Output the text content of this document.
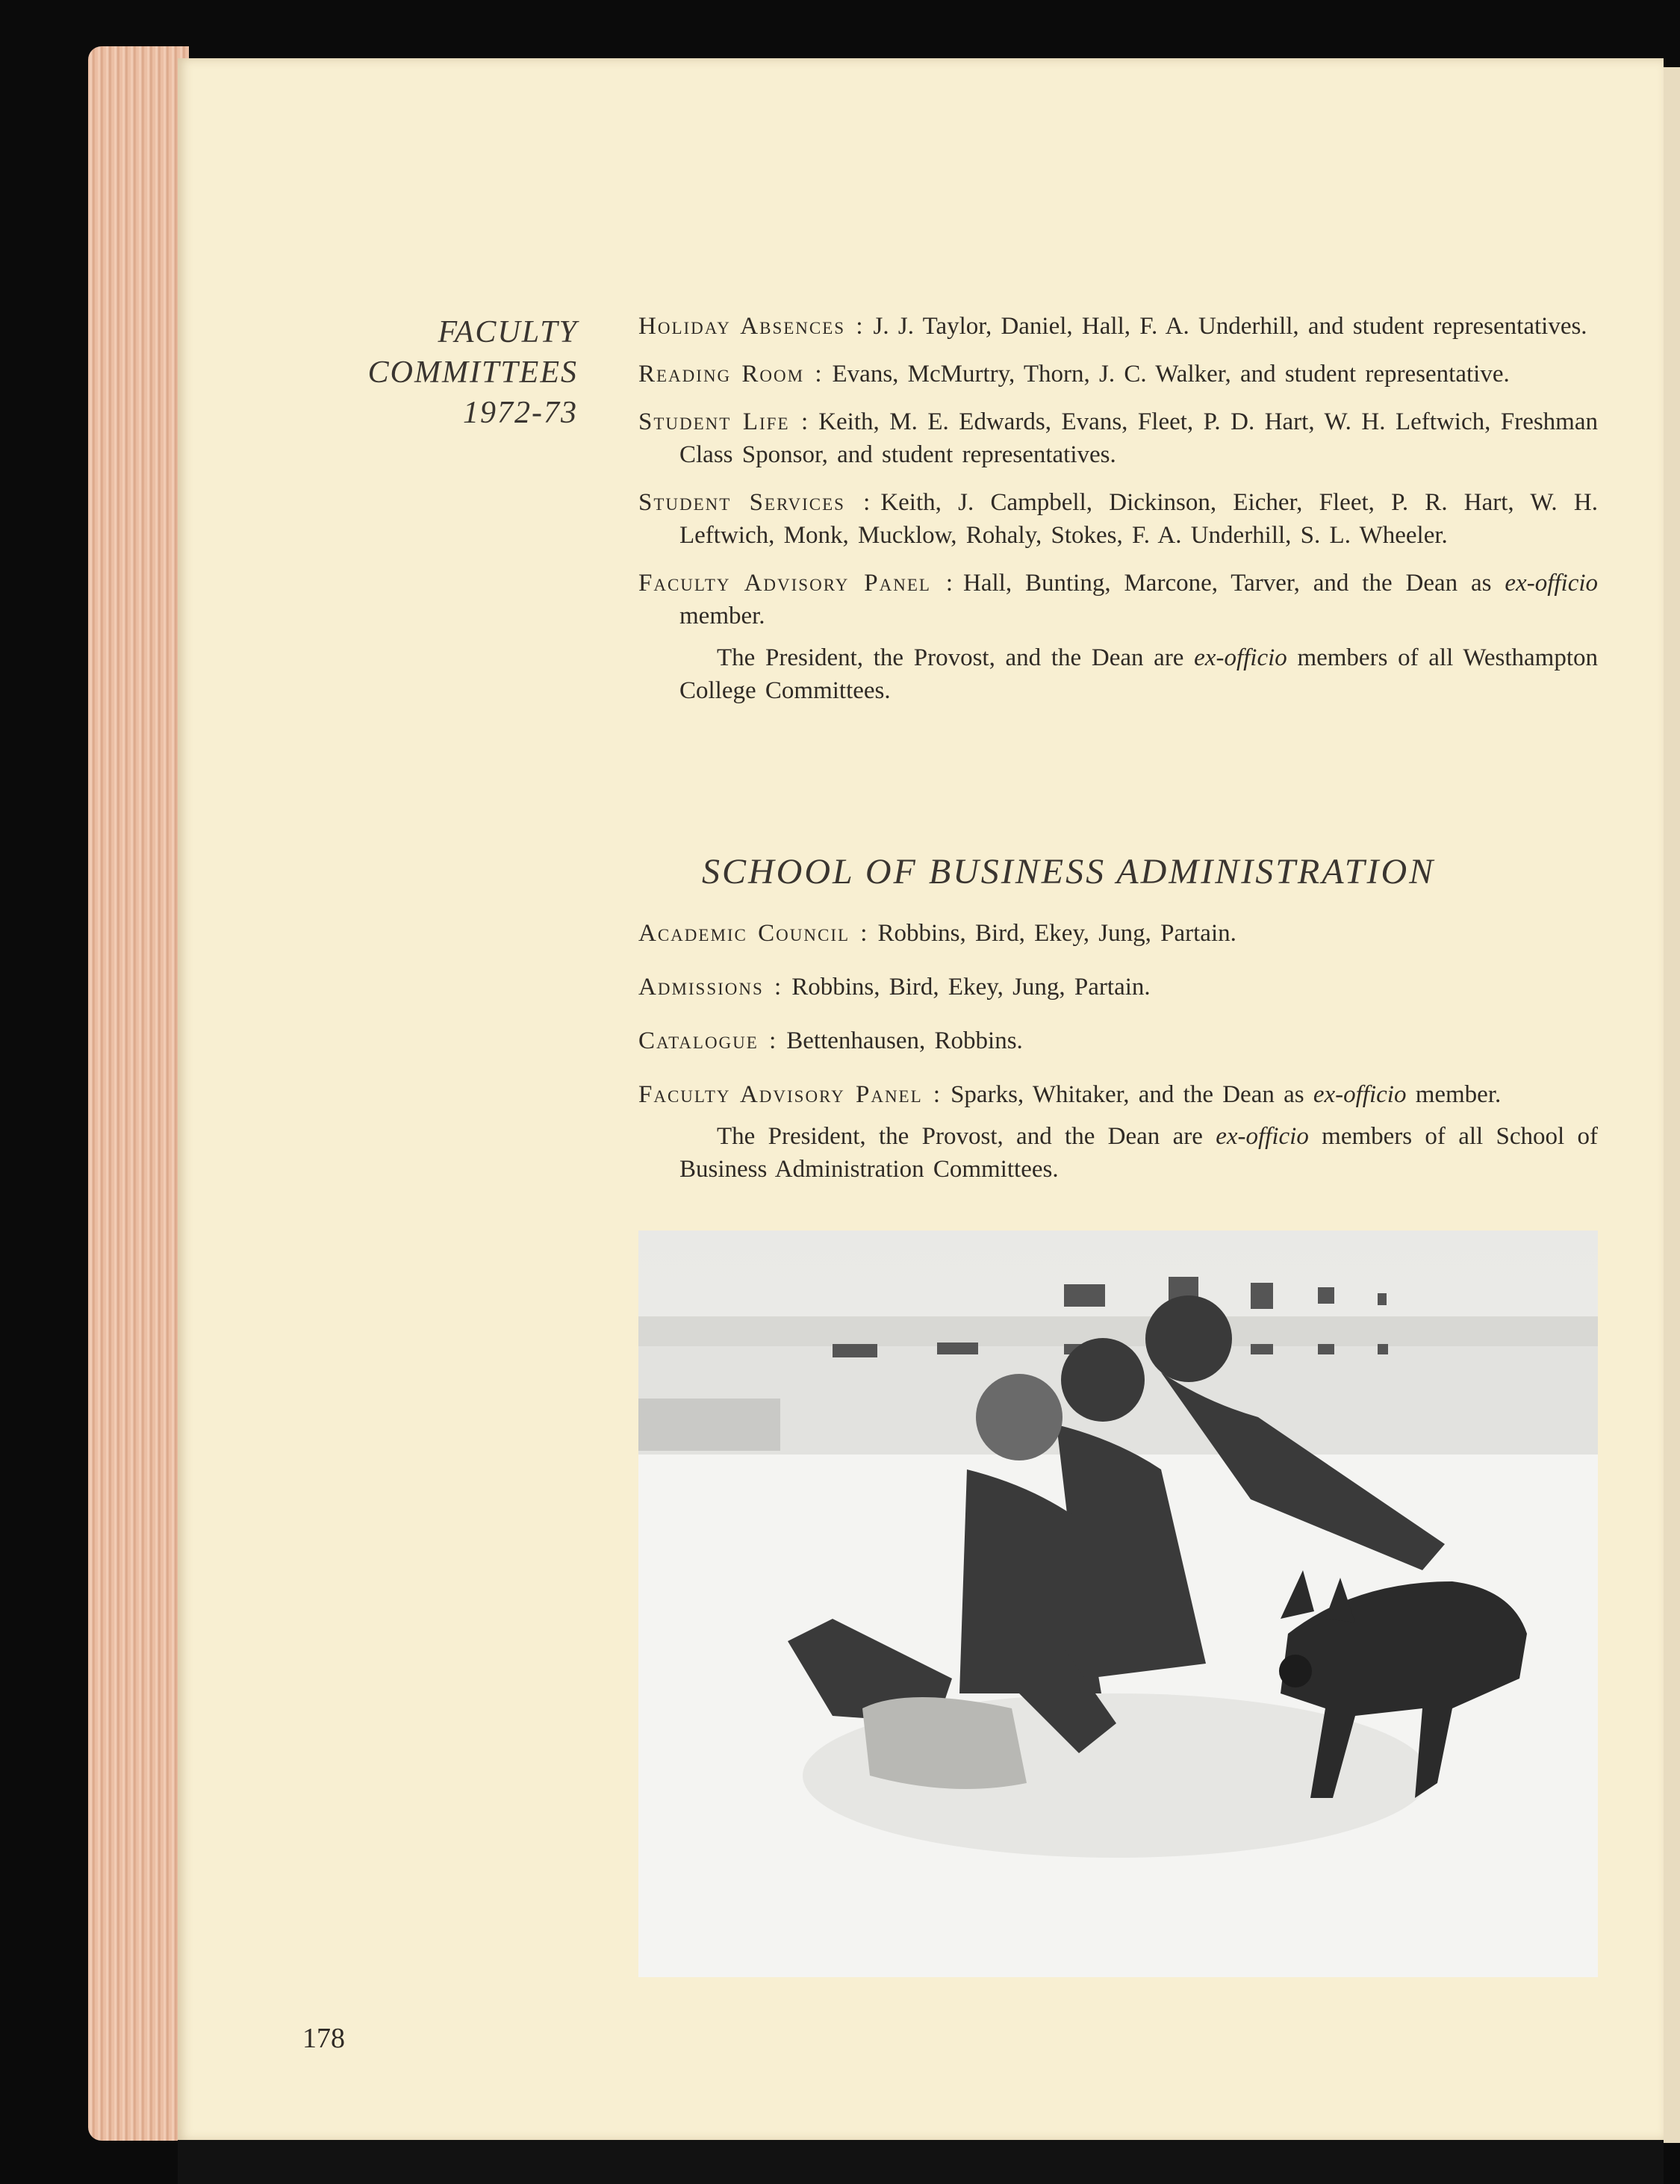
FACULTY
COMMITTEES
1972-73

Holiday Absences : J. J. Taylor, Daniel, Hall, F. A. Underhill, and student representatives.

Reading Room : Evans, McMurtry, Thorn, J. C. Walker, and student representative.

Student Life : Keith, M. E. Edwards, Evans, Fleet, P. D. Hart, W. H. Leftwich, Freshman Class Sponsor, and student representatives.

Student Services : Keith, J. Campbell, Dickinson, Eicher, Fleet, P. R. Hart, W. H. Leftwich, Monk, Mucklow, Rohaly, Stokes, F. A. Underhill, S. L. Wheeler.

Faculty Advisory Panel : Hall, Bunting, Marcone, Tarver, and the Dean as ex-officio member.

The President, the Provost, and the Dean are ex-officio members of all Westhampton College Committees.

SCHOOL OF BUSINESS ADMINISTRATION

Academic Council : Robbins, Bird, Ekey, Jung, Partain.

Admissions : Robbins, Bird, Ekey, Jung, Partain.

Catalogue : Bettenhausen, Robbins.

Faculty Advisory Panel : Sparks, Whitaker, and the Dean as ex-officio member.

The President, the Provost, and the Dean are ex-officio members of all School of Business Administration Committees.

178
